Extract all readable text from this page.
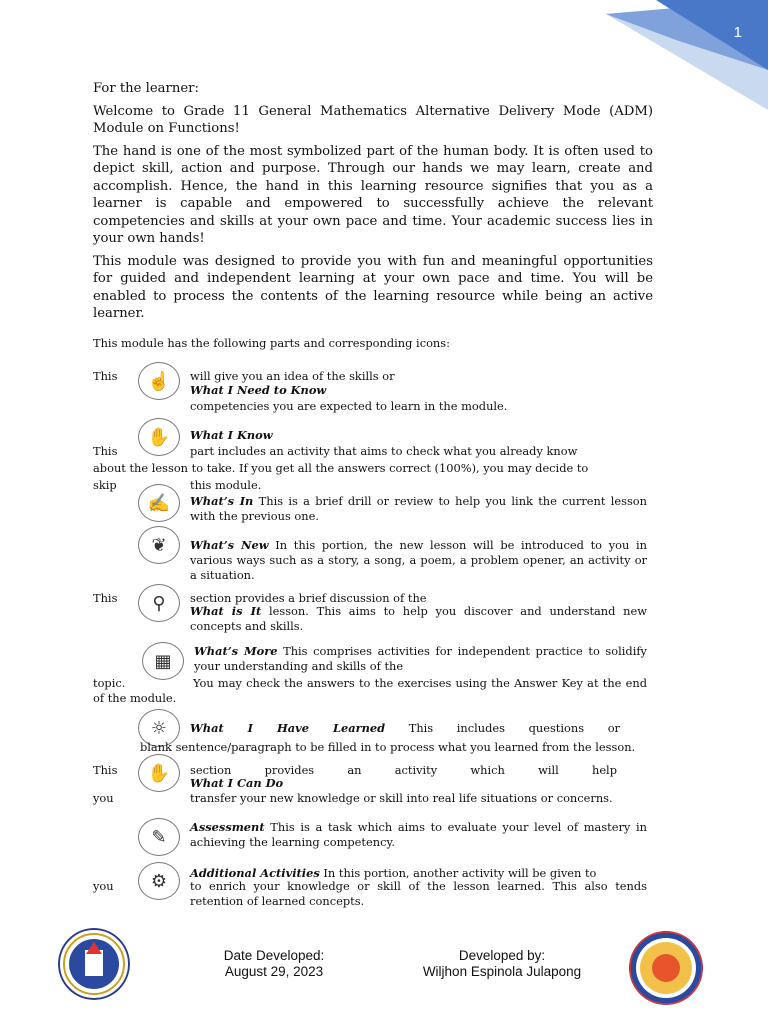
1

For the learner:

Welcome to Grade 11 General Mathematics Alternative Delivery Mode (ADM) Module on Functions!

The hand is one of the most symbolized part of the human body. It is often used to depict skill, action and purpose. Through our hands we may learn, create and accomplish. Hence, the hand in this learning resource signifies that you as a learner is capable and empowered to successfully achieve the relevant competencies and skills at your own pace and time. Your academic success lies in your own hands!

This module was designed to provide you with fun and meaningful opportunities for guided and independent learning at your own pace and time. You will be enabled to process the contents of the learning resource while being an active learner.

This module has the following parts and corresponding icons:
This	☝	will give you an idea of the skills or
What I Need to Know
competencies you are expected to learn in the module.
✋	What I Know
This	part includes an activity that aims to check what you already know
about the lesson to take. If you get all the answers correct (100%), you may decide to
skip	this module.
✍	What’s In This is a brief drill or review to help you link the current lesson with the previous one.
❦	What’s New In this portion, the new lesson will be introduced to you in various ways such as a story, a song, a poem, a problem opener, an activity or a situation.
This	⚲	section provides a brief discussion of the
What is It lesson. This aims to help you discover and understand new concepts and skills.
▦	What’s More This comprises activities for independent practice to solidify your understanding and skills of the
topic.	You may check the answers to the exercises using the Answer Key at the end of the module.
☼	What I Have Learned This includes questions or
blank sentence/paragraph to be filled in to process what you learned from the lesson.
This	✋	section provides an activity which will help
What I Can Do
you	transfer your new knowledge or skill into real life situations or concerns.
✎	Assessment This is a task which aims to evaluate your level of mastery in achieving the learning competency.
⚙	Additional Activities In this portion, another activity will be given to
you	to enrich your knowledge or skill of the lesson learned. This also tends retention of learned concepts.
Date Developed:
August 29, 2023
Developed by:
Wiljhon Espinola Julapong
